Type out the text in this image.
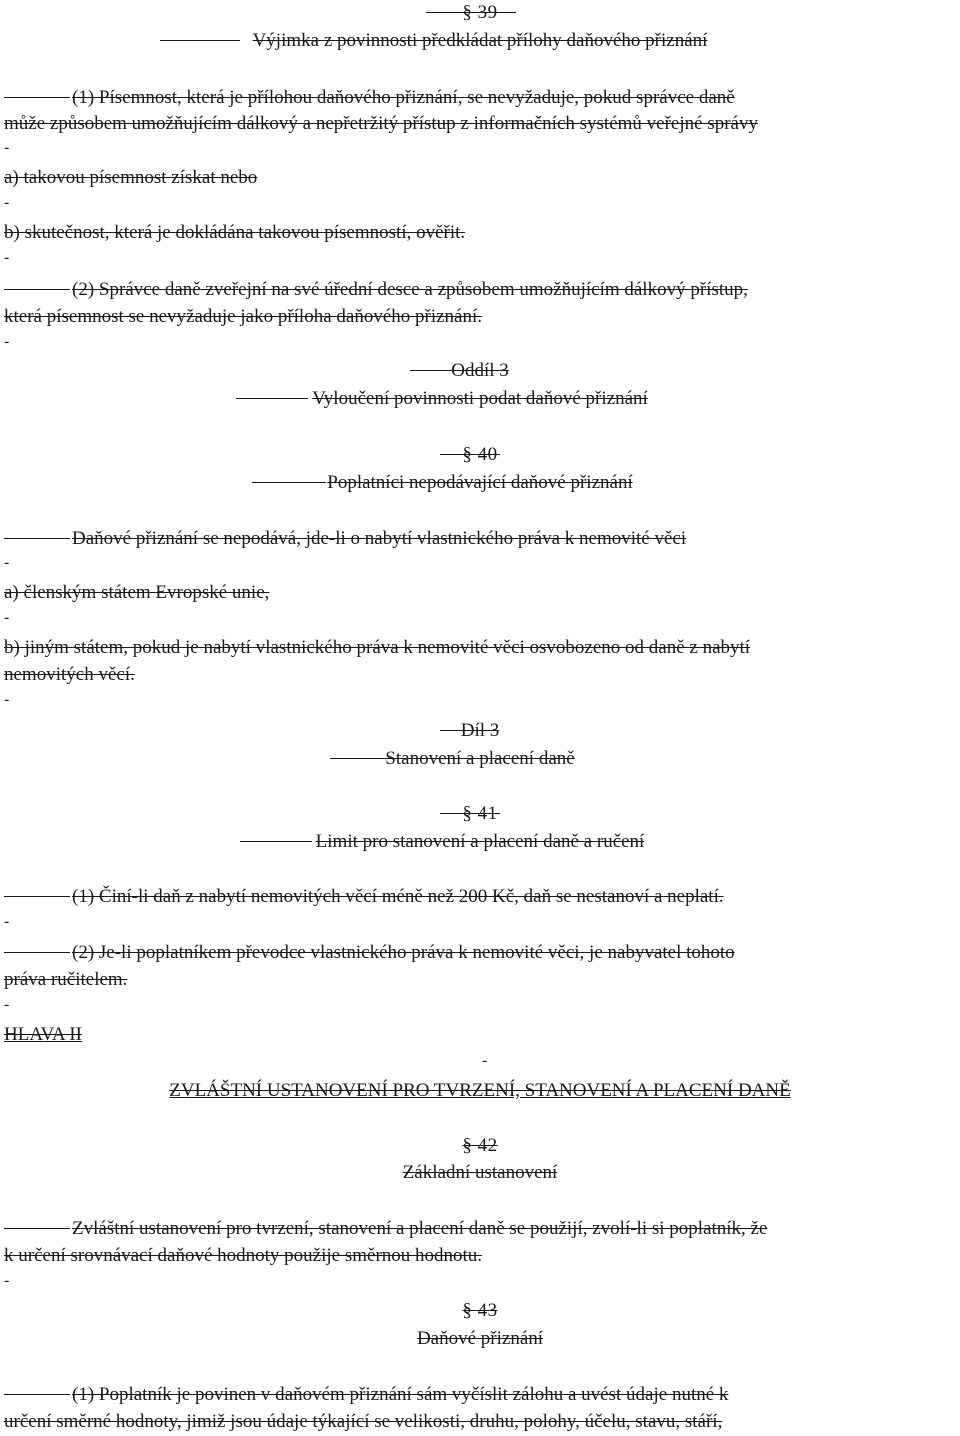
§ 39
Výjimka z povinnosti předkládat přílohy daňového přiznání
(1) Písemnost, která je přílohou daňového přiznání, se nevyžaduje, pokud správce daně
může způsobem umožňujícím dálkový a nepřetržitý přístup z informačních systémů veřejné správy
-
a) takovou písemnost získat nebo
-
b) skutečnost, která je dokládána takovou písemností, ověřit.
-
(2) Správce daně zveřejní na své úřední desce a způsobem umožňujícím dálkový přístup,
která písemnost se nevyžaduje jako příloha daňového přiznání.
-
Oddíl 3
Vyloučení povinnosti podat daňové přiznání
§ 40
Poplatníci nepodávající daňové přiznání
Daňové přiznání se nepodává, jde-li o nabytí vlastnického práva k nemovité věci
-
a) členským státem Evropské unie,
-
b) jiným státem, pokud je nabytí vlastnického práva k nemovité věci osvobozeno od daně z nabytí
nemovitých věcí.
-
Díl 3
Stanovení a placení daně
§ 41
Limit pro stanovení a placení daně a ručení
(1) Činí-li daň z nabytí nemovitých věcí méně než 200 Kč, daň se nestanoví a neplatí.
-
(2) Je-li poplatníkem převodce vlastnického práva k nemovité věci, je nabyvatel tohoto
práva ručitelem.
-
HLAVA II
-
ZVLÁŠTNÍ USTANOVENÍ PRO TVRZENÍ, STANOVENÍ A PLACENÍ DANĚ
§ 42
Základní ustanovení
Zvláštní ustanovení pro tvrzení, stanovení a placení daně se použijí, zvolí-li si poplatník, že
k určení srovnávací daňové hodnoty použije směrnou hodnotu.
-
§ 43
Daňové přiznání
(1) Poplatník je povinen v daňovém přiznání sám vyčíslit zálohu a uvést údaje nutné k
určení směrné hodnoty, jimiž jsou údaje týkající se velikosti, druhu, polohy, účelu, stavu, stáří,
